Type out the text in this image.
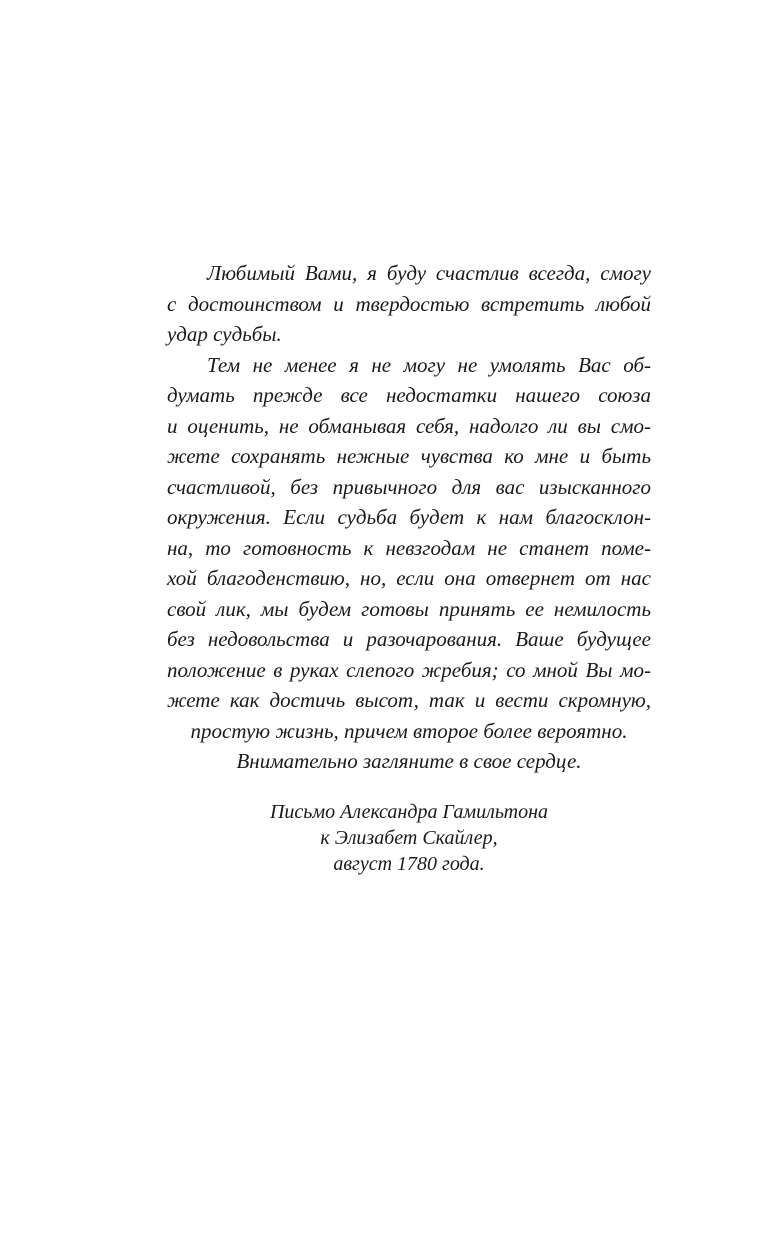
Любимый Вами, я буду счастлив всегда, смогу
с достоинством и твердостью встретить любой
удар судьбы.
Тем не менее я не могу не умолять Вас об-
думать прежде все недостатки нашего союза
и оценить, не обманывая себя, надолго ли вы смо-
жете сохранять нежные чувства ко мне и быть
счастливой, без привычного для вас изысканного
окружения. Если судьба будет к нам благосклон-
на, то готовность к невзгодам не станет поме-
хой благоденствию, но, если она отвернет от нас
свой лик, мы будем готовы принять ее немилость
без недовольства и разочарования. Ваше будущее
положение в руках слепого жребия; со мной Вы мо-
жете как достичь высот, так и вести скромную,
простую жизнь, причем второе более вероятно.
Внимательно загляните в свое сердце.
Письмо Александра Гамильтона
к Элизабет Скайлер,
август 1780 года.
